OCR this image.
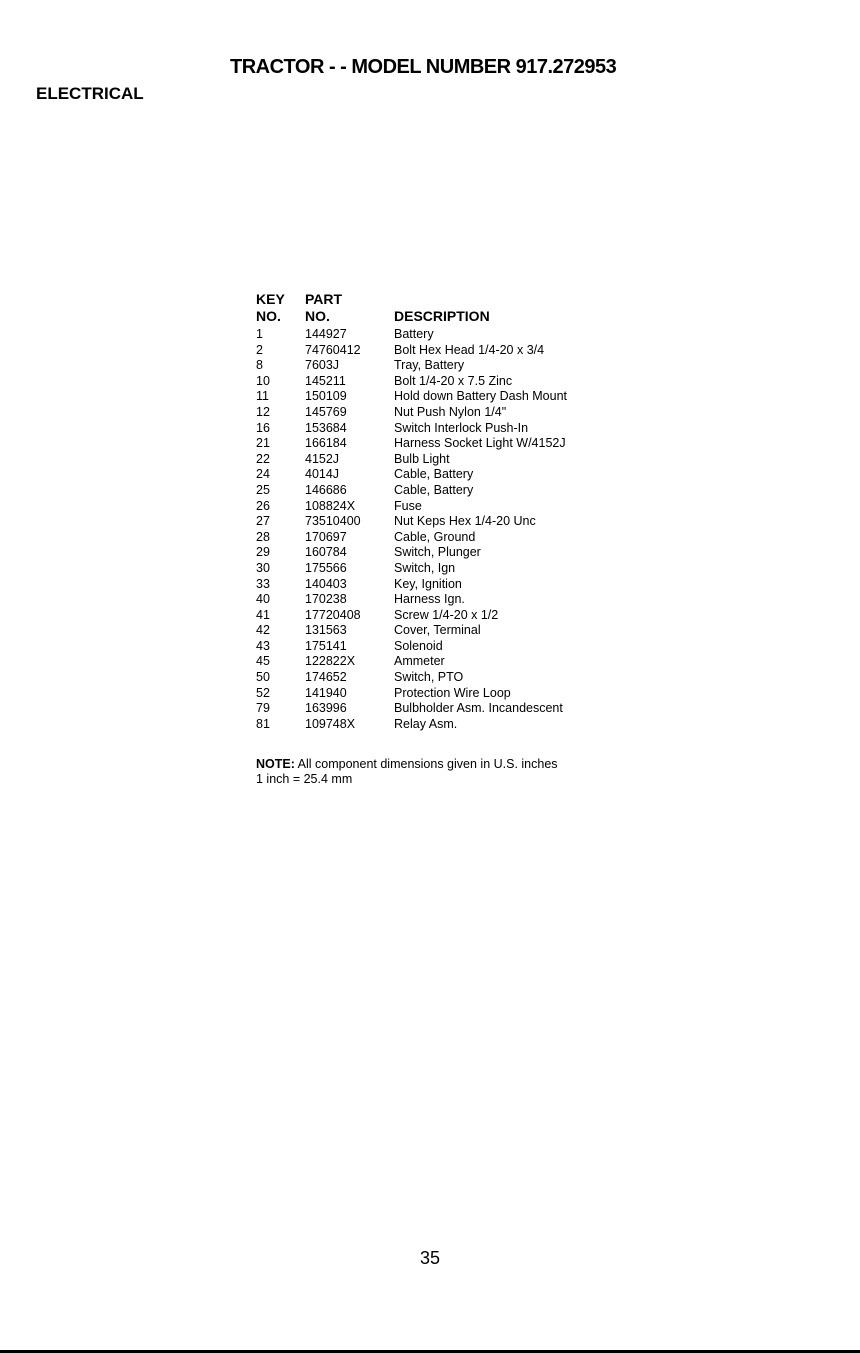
TRACTOR - - MODEL NUMBER 917.272953
ELECTRICAL
KEY	PART	
NO.	NO.	DESCRIPTION

1	144927	Battery
2	74760412	Bolt Hex Head 1/4-20 x 3/4
8	7603J	Tray, Battery
10	145211	Bolt 1/4-20 x 7.5 Zinc
11	150109	Hold down Battery Dash Mount
12	145769	Nut Push Nylon 1/4"
16	153684	Switch Interlock Push-In
21	166184	Harness Socket Light W/4152J
22	4152J	Bulb Light
24	4014J	Cable, Battery
25	146686	Cable, Battery
26	108824X	Fuse
27	73510400	Nut Keps Hex 1/4-20 Unc
28	170697	Cable, Ground
29	160784	Switch, Plunger
30	175566	Switch, Ign
33	140403	Key, Ignition
40	170238	Harness Ign.
41	17720408	Screw 1/4-20 x 1/2
42	131563	Cover, Terminal
43	175141	Solenoid
45	122822X	Ammeter
50	174652	Switch, PTO
52	141940	Protection Wire Loop
79	163996	Bulbholder Asm. Incandescent
81	109748X	Relay Asm.
NOTE: All component dimensions given in U.S. inches
1 inch = 25.4 mm
35
